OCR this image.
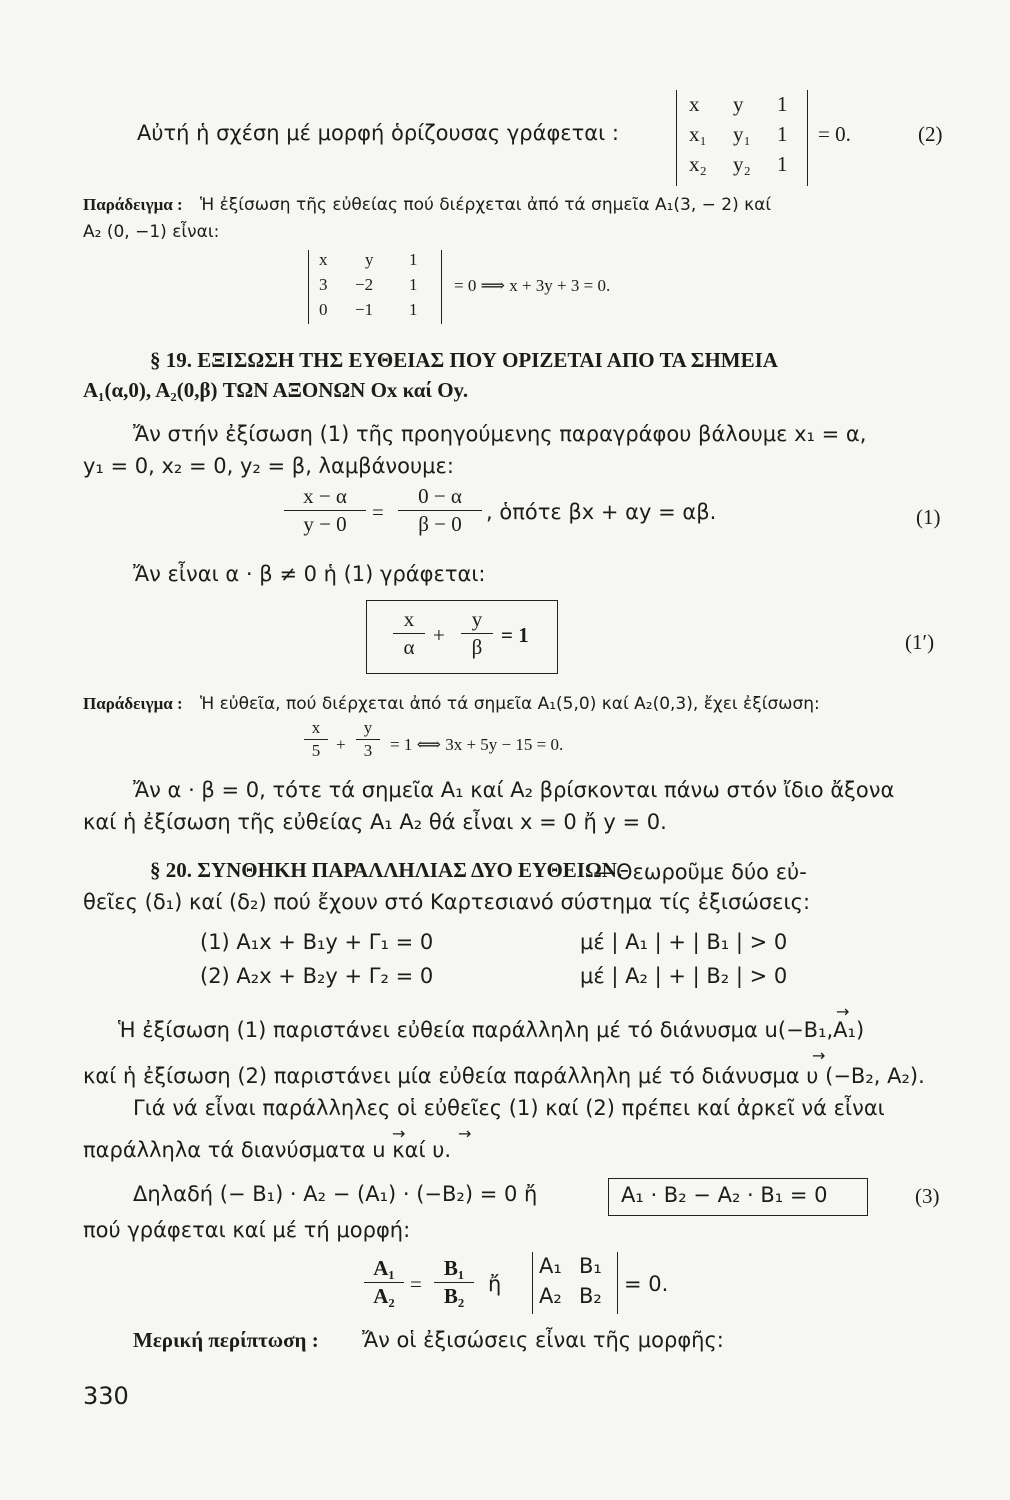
Αὐτή ἡ σχέση μέ μορφή ὁρίζουσας γράφεται :
x y 1
x₁ y₁ 1
x₂ y₂ 1
= 0.	(2)
Παράδειγμα : Ἡ ἐξίσωση τῆς εὐθείας πού διέρχεται ἀπό τά σημεῖα A₁(3, − 2) καί
A₂ (0, −1) εἶναι:
x y 1
3 −2 1
0 −1 1
= 0 ⟹ x + 3y + 3 = 0.
§ 19. ΕΞΙΣΩΣΗ ΤΗΣ ΕΥΘΕΙΑΣ ΠΟΥ ΟΡΙΖΕΤΑΙ ΑΠΟ ΤΑ ΣΗΜΕΙΑ
A₁(α,0), A₂(0,β) ΤΩΝ ΑΞΟΝΩΝ Ox καί Oy.
Ἄν στήν ἐξίσωση (1) τῆς προηγούμενης παραγράφου βάλουμε x₁ = α,
y₁ = 0, x₂ = 0, y₂ = β, λαμβάνουμε:
x − α
y − 0	=
0 − α
β − 0	, ὁπότε βx + αy = αβ.	(1)
Ἄν εἶναι α · β ≠ 0 ἡ (1) γράφεται:
x
α +
y
β = 1	(1′)
Παράδειγμα : Ἡ εὐθεῖα, πού διέρχεται ἀπό τά σημεῖα A₁(5,0) καί A₂(0,3), ἔχει ἐξίσωση:
x
5 +
y
3	= 1 ⟺ 3x + 5y − 15 = 0.
Ἄν α · β = 0, τότε τά σημεῖα A₁ καί A₂ βρίσκονται πάνω στόν ἴδιο ἄξονα
καί ἡ ἐξίσωση τῆς εὐθείας A₁ A₂ θά εἶναι x = 0 ἤ y = 0.
§ 20. ΣΥΝΘΗΚΗ ΠΑΡΑΛΛΗΛΙΑΣ ΔΥΟ ΕΥΘΕΙΩΝ.
—Θεωροῦμε δύο εὐ-
θεῖες (δ₁) καί (δ₂) πού ἔχουν στό Καρτεσιανό σύστημα τίς ἐξισώσεις:
(1) A₁x + B₁y + Γ₁ = 0	μέ | A₁ | + | B₁ | > 0
(2) A₂x + B₂y + Γ₂ = 0	μέ | A₂ | + | B₂ | > 0
→
Ἡ ἐξίσωση (1) παριστάνει εὐθεία παράλληλη μέ τό διάνυσμα u(−B₁,A₁)
→
καί ἡ ἐξίσωση (2) παριστάνει μία εὐθεία παράλληλη μέ τό διάνυσμα υ (−B₂, A₂).
Γιά νά εἶναι παράλληλες οἱ εὐθεῖες (1) καί (2) πρέπει καί ἀρκεῖ νά εἶναι
→	→
παράλληλα τά διανύσματα u καί υ.
Δηλαδή (− B₁) · A₂ − (A₁) · (−B₂) = 0 ἤ	A₁ · B₂ − A₂ · B₁ = 0	(3)
πού γράφεται καί μέ τή μορφή:
A₁
A₂ =
B₁
B₂	ἤ
A₁ B₁
A₂ B₂ = 0.
Μερική περίπτωση : Ἄν οἱ ἐξισώσεις εἶναι τῆς μορφῆς:
330
